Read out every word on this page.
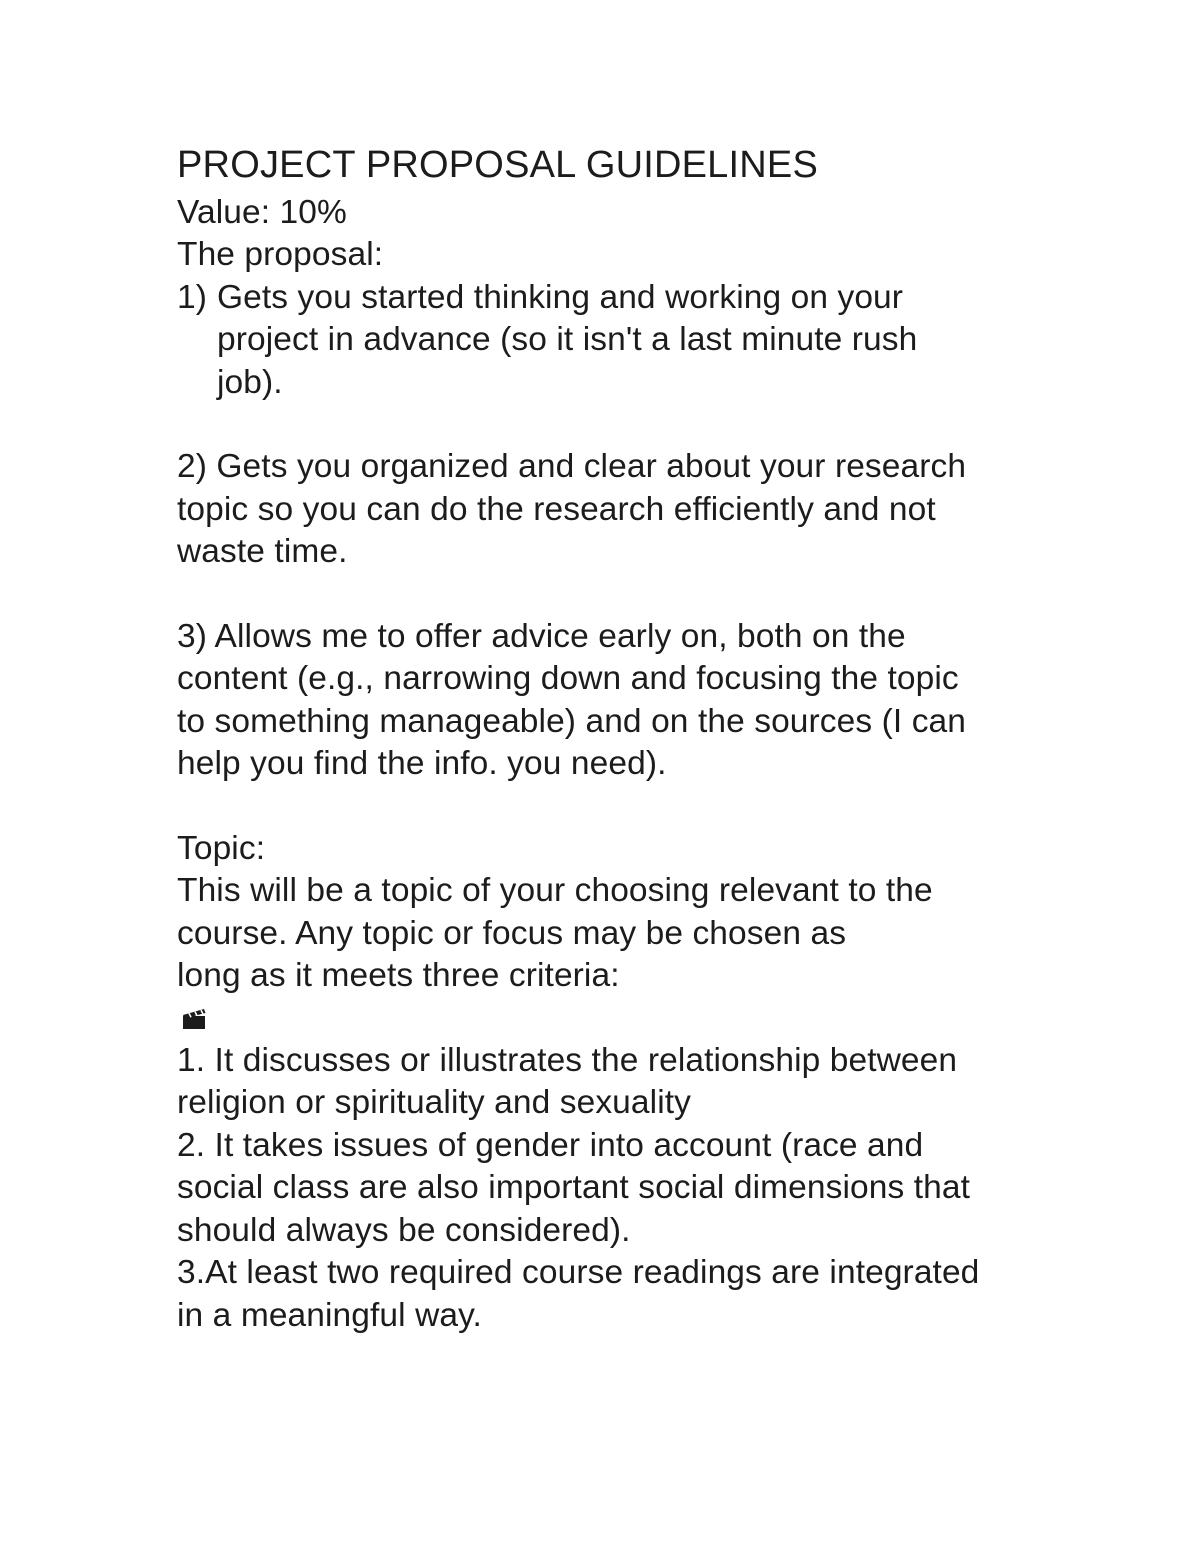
PROJECT PROPOSAL GUIDELINES
Value: 10%
The proposal:
1) Gets you started thinking and working on your
project in advance (so it isn't a last minute rush
job).
2) Gets you organized and clear about your research
topic so you can do the research efficiently and not
waste time.
3) Allows me to offer advice early on, both on the
content (e.g., narrowing down and focusing the topic
to something manageable) and on the sources (I can
help you find the info. you need).
Topic:
This will be a topic of your choosing relevant to the
course. Any topic or focus may be chosen as
long as it meets three criteria:
1. It discusses or illustrates the relationship between
religion or spirituality and sexuality
2. It takes issues of gender into account (race and
social class are also important social dimensions that
should always be considered).
3.At least two required course readings are integrated
in a meaningful way.
